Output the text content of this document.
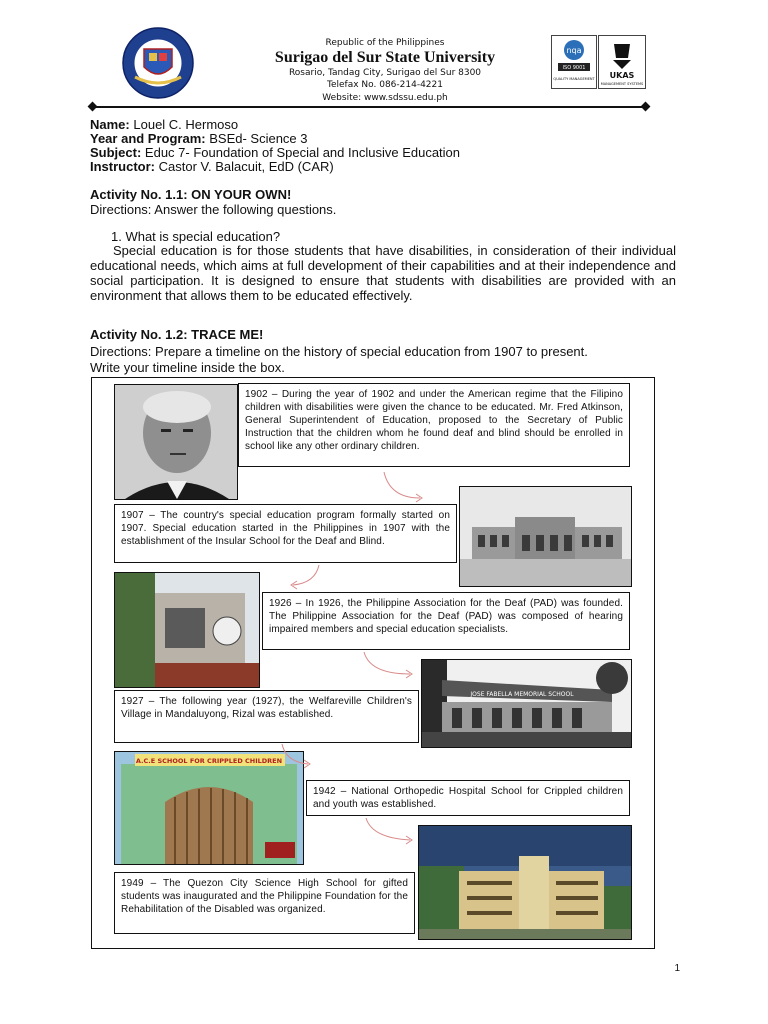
Republic of the Philippines
Surigao del Sur State University
Rosario, Tandag City, Surigao del Sur 8300
Telefax No. 086-214-4221
Website: www.sdssu.edu.ph
nqa
ISO 9001
QUALITY MANAGEMENT UKAS
MANAGEMENT SYSTEMS
Name: Louel C. Hermoso
Year and Program: BSEd- Science 3
Subject: Educ 7- Foundation of Special and Inclusive Education
Instructor: Castor V. Balacuit, EdD (CAR)
Activity No. 1.1: ON YOUR OWN!
Directions: Answer the following questions.
1. What is special education?
Special education is for those students that have disabilities, in consideration of their individual educational needs, which aims at full development of their capabilities and at their independence and social participation. It is designed to ensure that students with disabilities are provided with an environment that allows them to be educated effectively.
Activity No. 1.2: TRACE ME!
Directions: Prepare a timeline on the history of special education from 1907 to present.
Write your timeline inside the box.
1902 – During the year of 1902 and under the American regime that the Filipino children with disabilities were given the chance to be educated. Mr. Fred Atkinson, General Superintendent of Education, proposed to the Secretary of Public Instruction that the children whom he found deaf and blind should be enrolled in school like any other ordinary children.
1907 – The country's special education program formally started on 1907. Special education started in the Philippines in 1907 with the establishment of the Insular School for the Deaf and Blind.
1926 – In 1926, the Philippine Association for the Deaf (PAD) was founded. The Philippine Association for the Deaf (PAD) was composed of hearing impaired members and special education specialists.
JOSE FABELLA MEMORIAL SCHOOL
1927 – The following year (1927), the Welfareville Children's Village in Mandaluyong, Rizal was established.
A.C.E SCHOOL FOR CRIPPLED CHILDREN
1942 – National Orthopedic Hospital School for Crippled children and youth was established.
1949 – The Quezon City Science High School for gifted students was inaugurated and the Philippine Foundation for the Rehabilitation of the Disabled was organized.
1
